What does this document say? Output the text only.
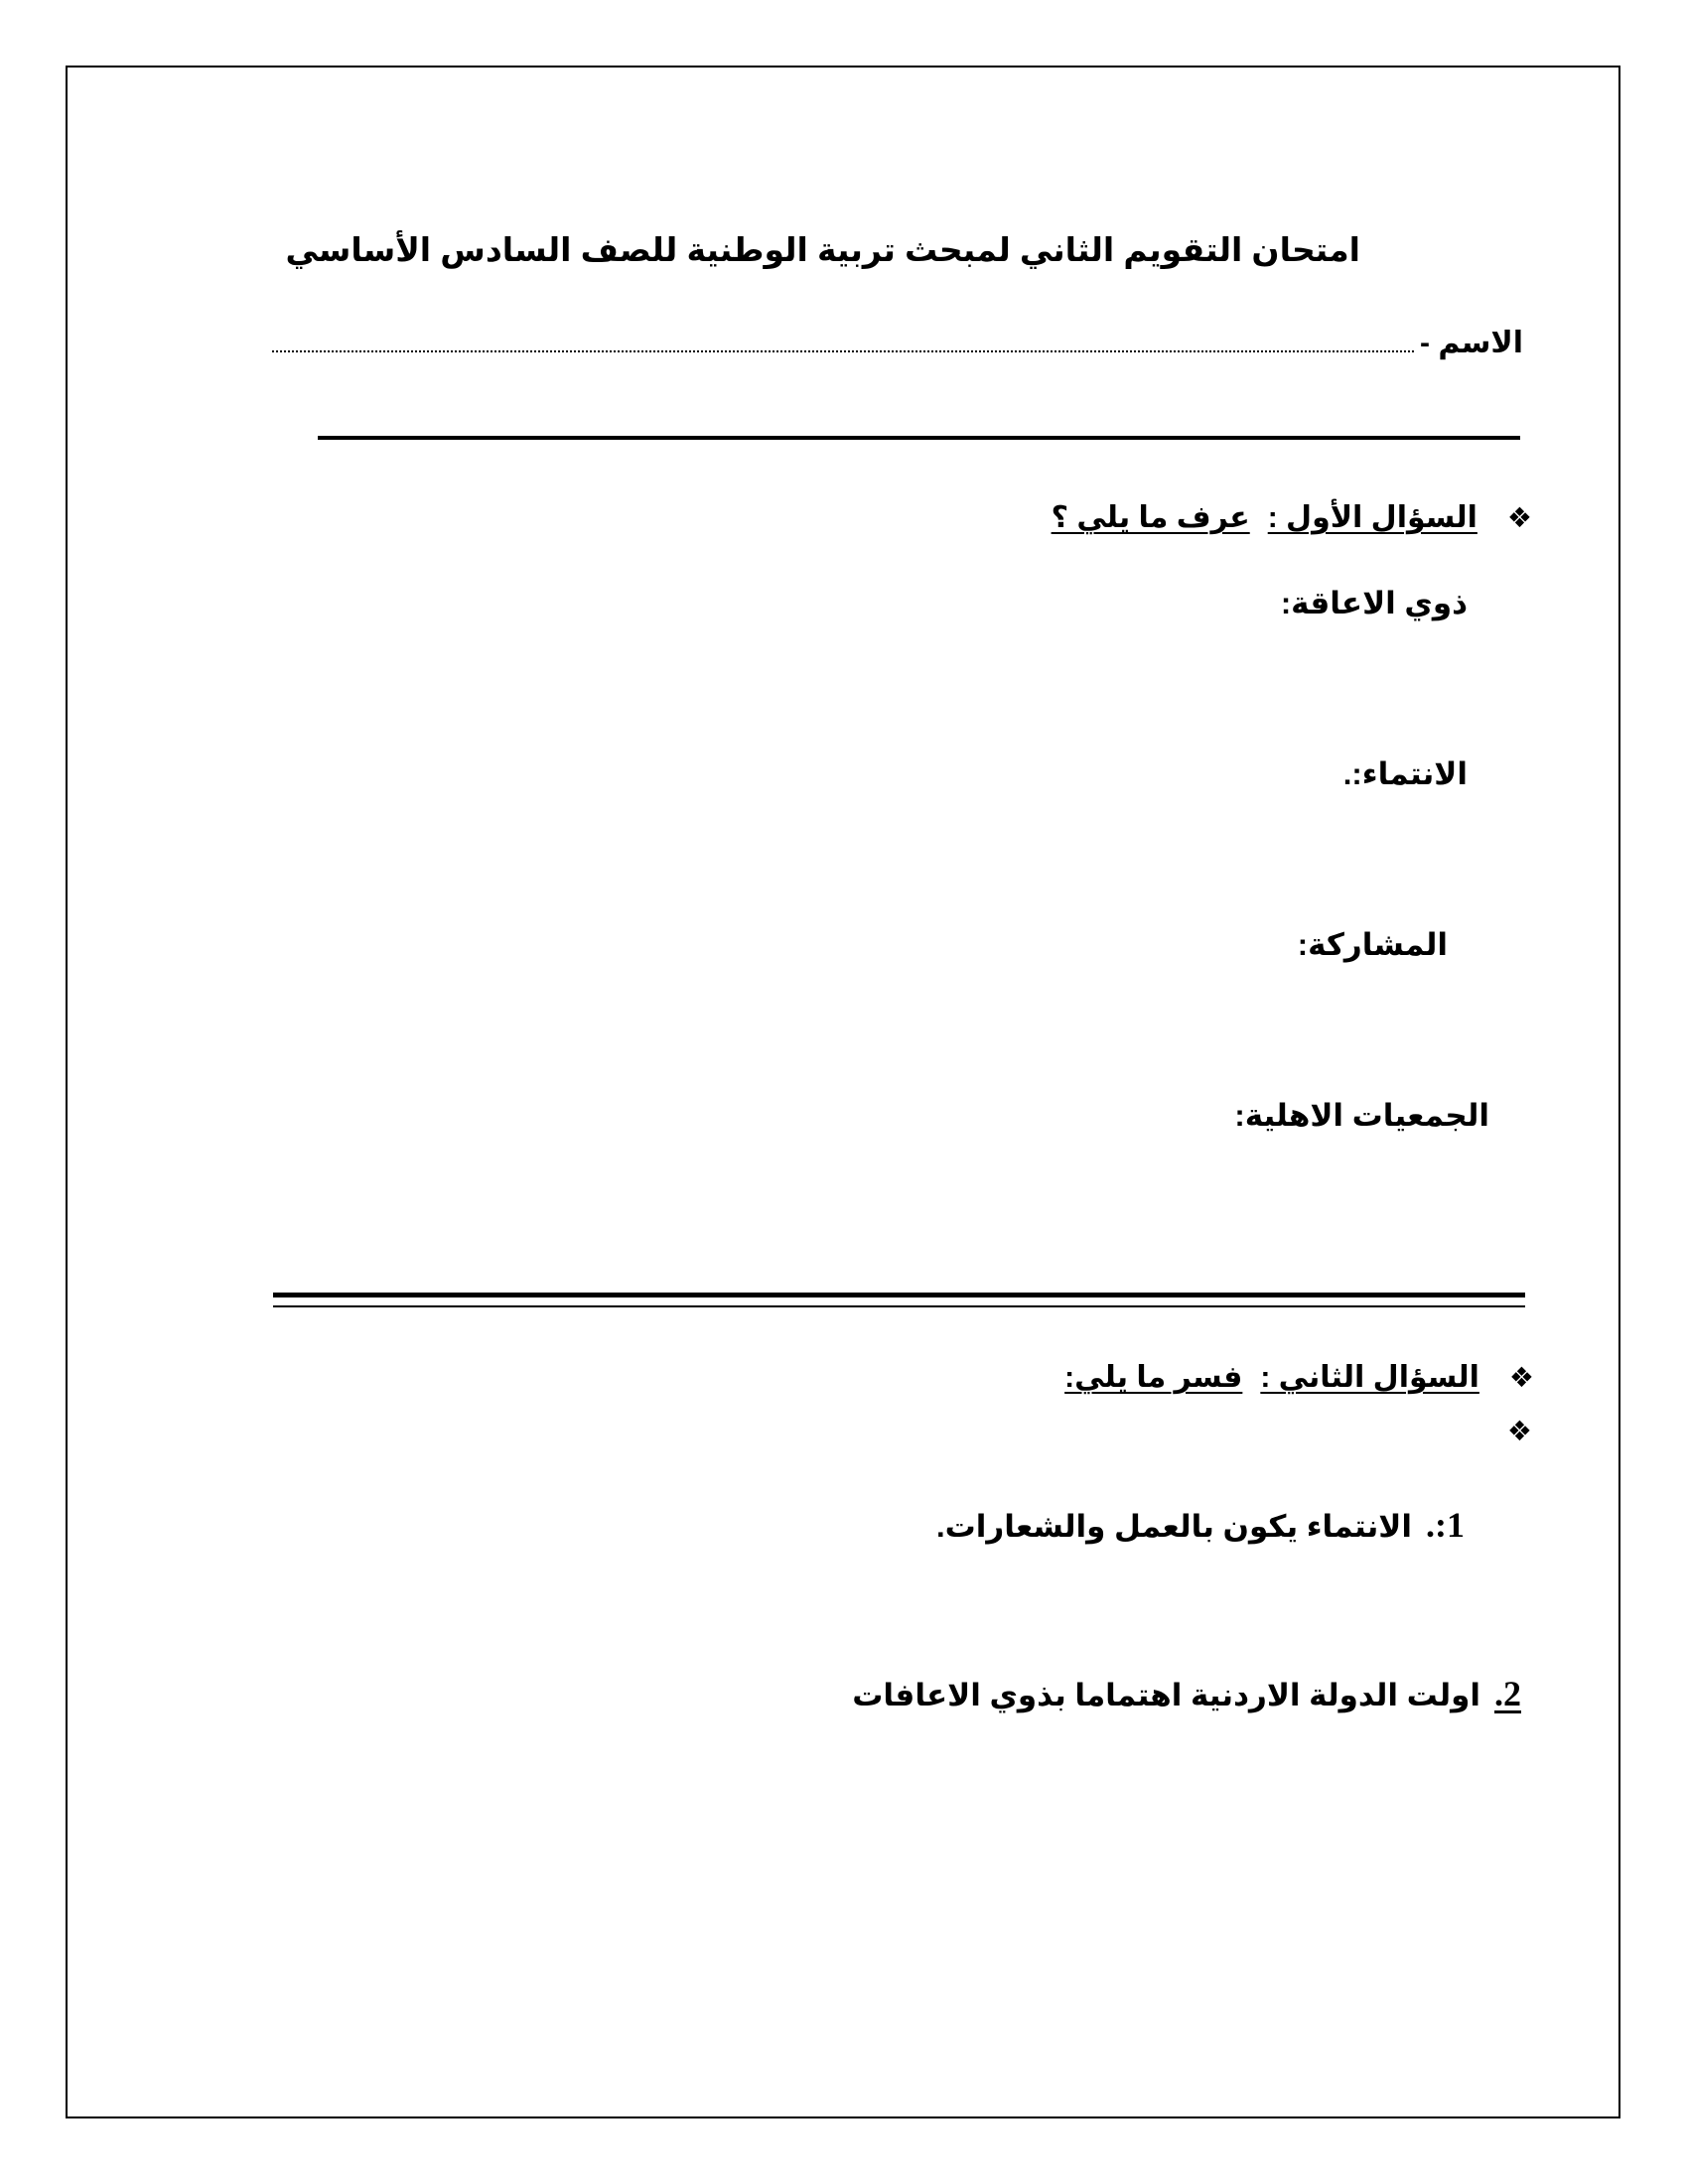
امتحان التقويم الثاني لمبحث تربية الوطنية للصف السادس الأساسي
الاسم -
❖
السؤال الأول :
عرف ما يلي ؟
ذوي الاعاقة:
الانتماء:.
المشاركة:
الجمعيات الاهلية:
❖
السؤال الثاني :
فسر ما يلي:
❖
1:.
الانتماء يكون بالعمل والشعارات.
2.
اولت الدولة الاردنية اهتماما بذوي الاعافات
